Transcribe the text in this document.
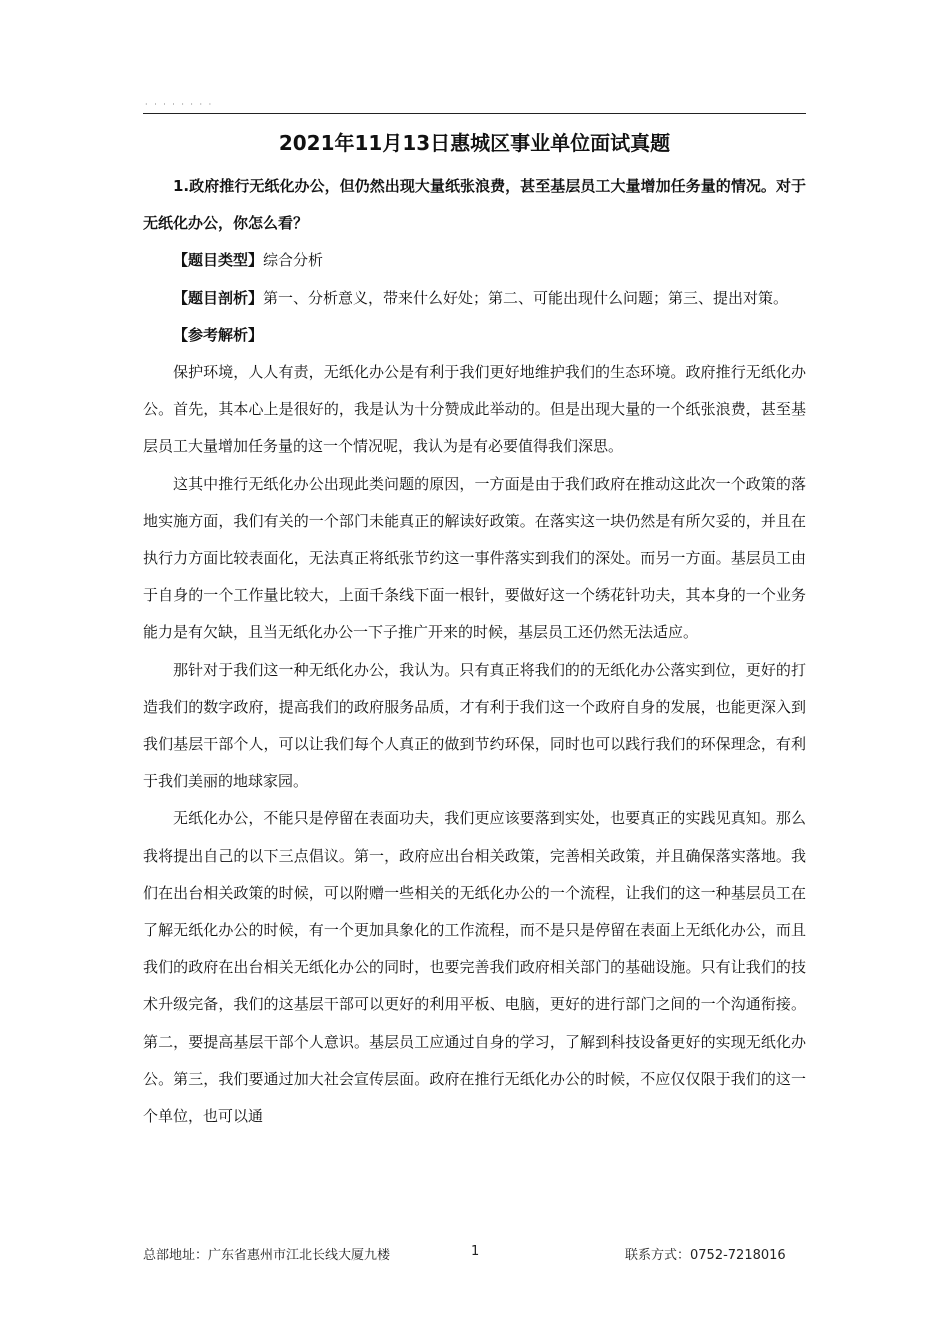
· · · · · · · ·
2021年11月13日惠城区事业单位面试真题

1.政府推行无纸化办公，但仍然出现大量纸张浪费，甚至基层员工大量增加任务量的情况。对于无纸化办公，你怎么看？

【题目类型】综合分析

【题目剖析】第一、分析意义，带来什么好处；第二、可能出现什么问题；第三、提出对策。

【参考解析】

保护环境，人人有责，无纸化办公是有利于我们更好地维护我们的生态环境。政府推行无纸化办公。首先，其本心上是很好的，我是认为十分赞成此举动的。但是出现大量的一个纸张浪费，甚至基层员工大量增加任务量的这一个情况呢，我认为是有必要值得我们深思。

这其中推行无纸化办公出现此类问题的原因，一方面是由于我们政府在推动这此次一个政策的落地实施方面，我们有关的一个部门未能真正的解读好政策。在落实这一块仍然是有所欠妥的，并且在执行力方面比较表面化，无法真正将纸张节约这一事件落实到我们的深处。而另一方面。基层员工由于自身的一个工作量比较大，上面千条线下面一根针，要做好这一个绣花针功夫，其本身的一个业务能力是有欠缺，且当无纸化办公一下子推广开来的时候，基层员工还仍然无法适应。

那针对于我们这一种无纸化办公，我认为。只有真正将我们的的无纸化办公落实到位，更好的打造我们的数字政府，提高我们的政府服务品质，才有利于我们这一个政府自身的发展，也能更深入到我们基层干部个人，可以让我们每个人真正的做到节约环保，同时也可以践行我们的环保理念，有利于我们美丽的地球家园。

无纸化办公，不能只是停留在表面功夫，我们更应该要落到实处，也要真正的实践见真知。那么我将提出自己的以下三点倡议。第一，政府应出台相关政策，完善相关政策，并且确保落实落地。我们在出台相关政策的时候，可以附赠一些相关的无纸化办公的一个流程，让我们的这一种基层员工在了解无纸化办公的时候，有一个更加具象化的工作流程，而不是只是停留在表面上无纸化办公，而且我们的政府在出台相关无纸化办公的同时，也要完善我们政府相关部门的基础设施。只有让我们的技术升级完备，我们的这基层干部可以更好的利用平板、电脑，更好的进行部门之间的一个沟通衔接。第二，要提高基层干部个人意识。基层员工应通过自身的学习，了解到科技设备更好的实现无纸化办公。第三，我们要通过加大社会宣传层面。政府在推行无纸化办公的时候，不应仅仅限于我们的这一个单位，也可以通

总部地址：广东省惠州市江北长线大厦九楼	1	联系方式：0752-7218016
